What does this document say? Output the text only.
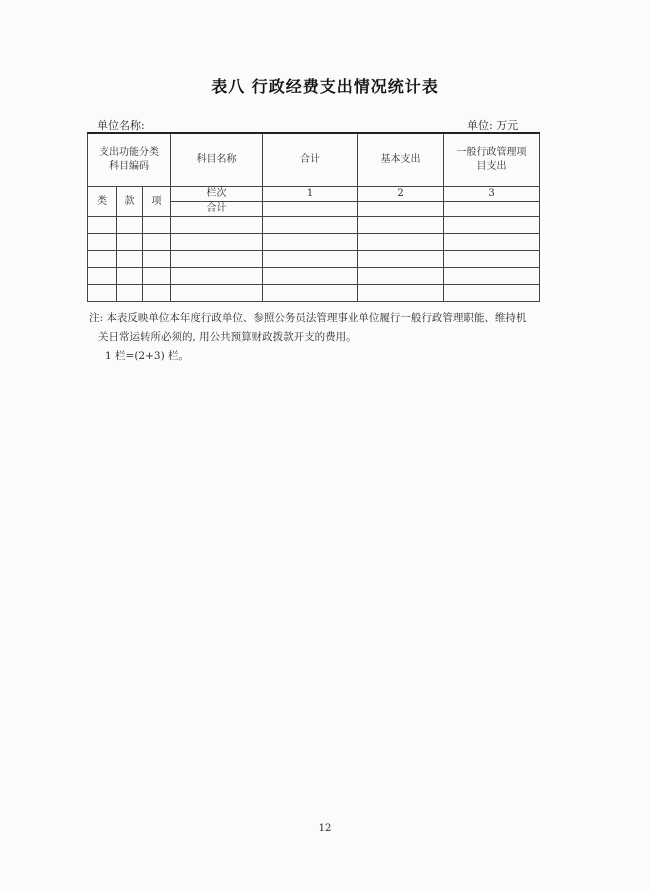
表八 行政经费支出情况统计表
单位名称:	单位: 万元
支出功能分类
科目编码			科目名称	合计	基本支出	一般行政管理项
目支出
类	款	项	栏次	1	2	3
			合计			

注: 本表反映单位本年度行政单位、参照公务员法管理事业单位履行一般行政管理职能、维持机
关日常运转所必须的, 用公共预算财政拨款开支的费用。
1 栏=(2+3) 栏。
12
